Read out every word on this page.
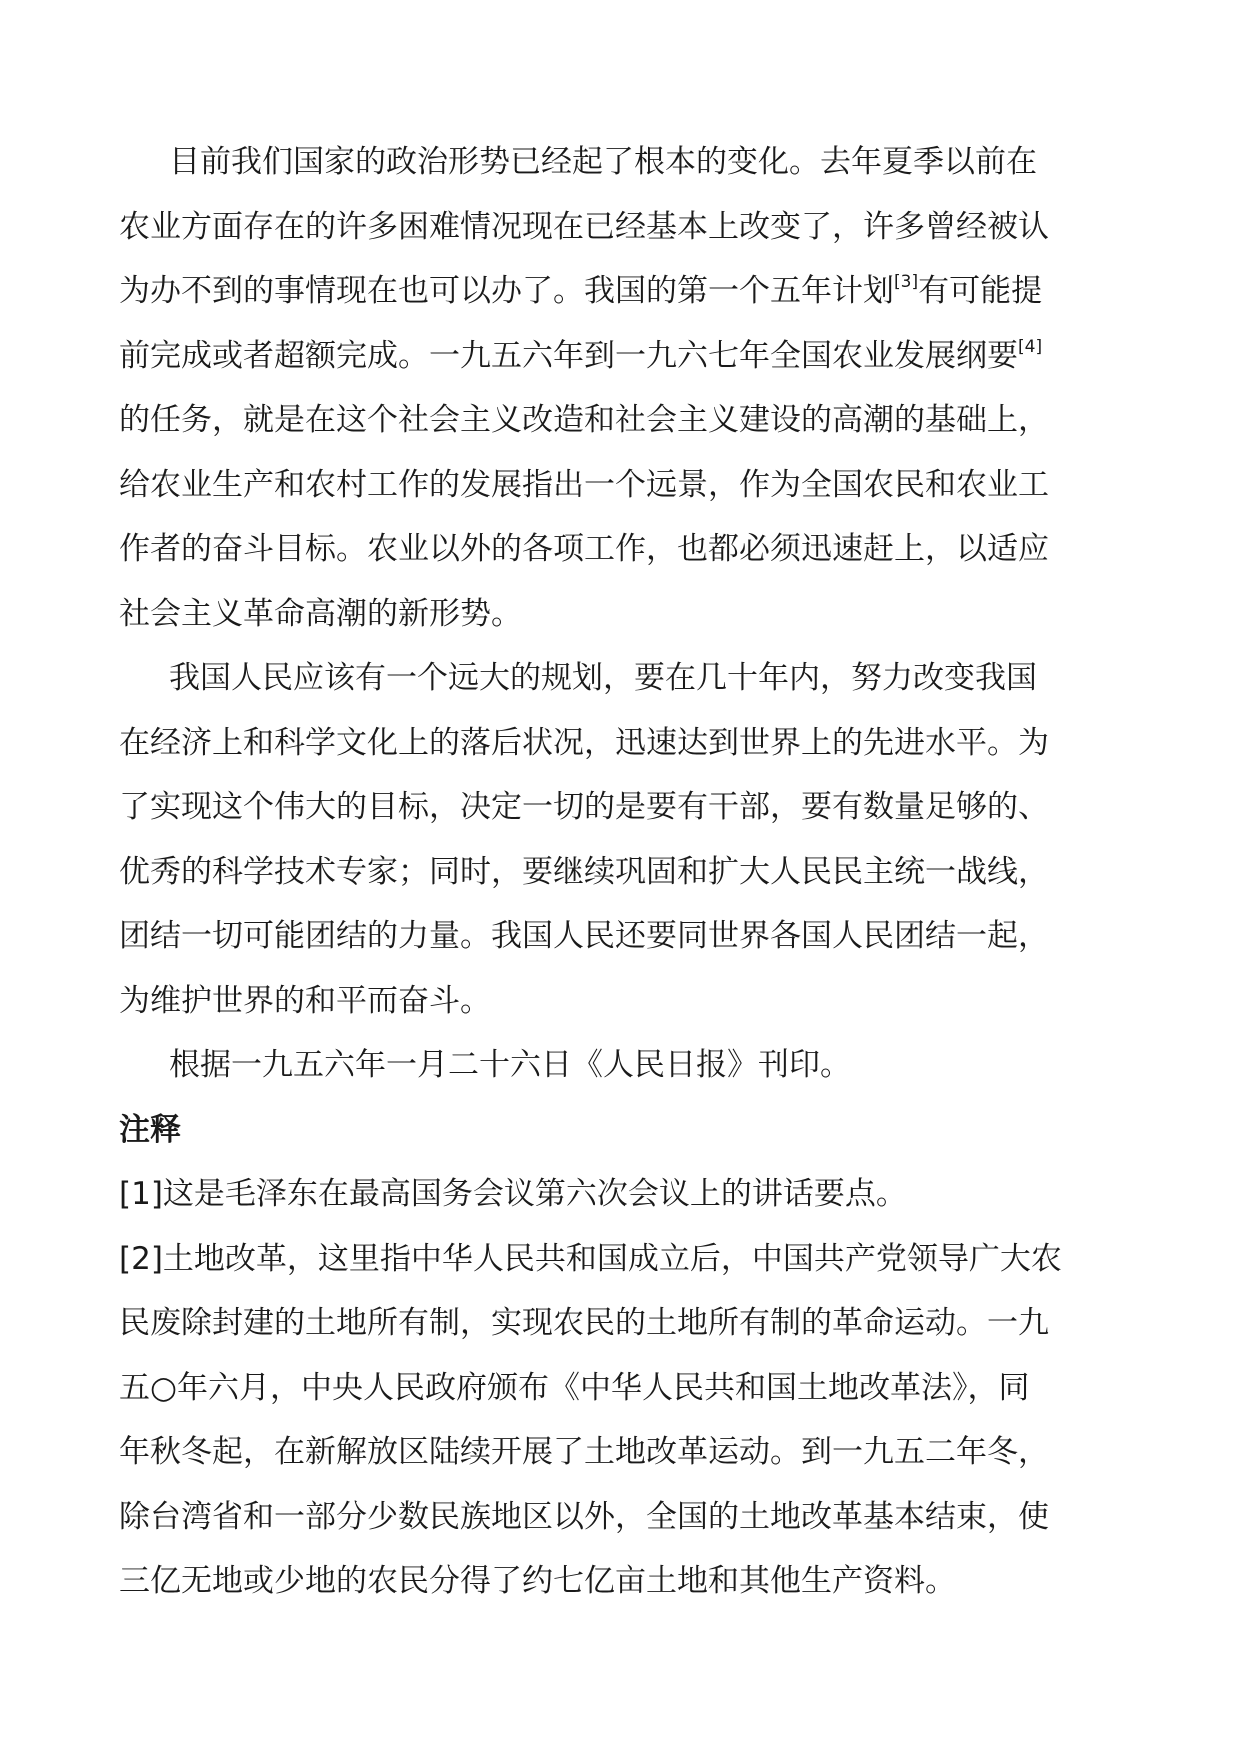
目前我们国家的政治形势已经起了根本的变化。去年夏季以前在
农业方面存在的许多困难情况现在已经基本上改变了，许多曾经被认
为办不到的事情现在也可以办了。我国的第一个五年计划[3]有可能提
前完成或者超额完成。一九五六年到一九六七年全国农业发展纲要[4]
的任务，就是在这个社会主义改造和社会主义建设的高潮的基础上，
给农业生产和农村工作的发展指出一个远景，作为全国农民和农业工
作者的奋斗目标。农业以外的各项工作，也都必须迅速赶上，以适应
社会主义革命高潮的新形势。
我国人民应该有一个远大的规划，要在几十年内，努力改变我国
在经济上和科学文化上的落后状况，迅速达到世界上的先进水平。为
了实现这个伟大的目标，决定一切的是要有干部，要有数量足够的、
优秀的科学技术专家；同时，要继续巩固和扩大人民民主统一战线，
团结一切可能团结的力量。我国人民还要同世界各国人民团结一起，
为维护世界的和平而奋斗。
根据一九五六年一月二十六日《人民日报》刊印。
注释
[1]这是毛泽东在最高国务会议第六次会议上的讲话要点。
[2]土地改革，这里指中华人民共和国成立后，中国共产党领导广大农
民废除封建的土地所有制，实现农民的土地所有制的革命运动。一九
五○年六月，中央人民政府颁布《中华人民共和国土地改革法》，同
年秋冬起，在新解放区陆续开展了土地改革运动。到一九五二年冬，
除台湾省和一部分少数民族地区以外，全国的土地改革基本结束，使
三亿无地或少地的农民分得了约七亿亩土地和其他生产资料。
